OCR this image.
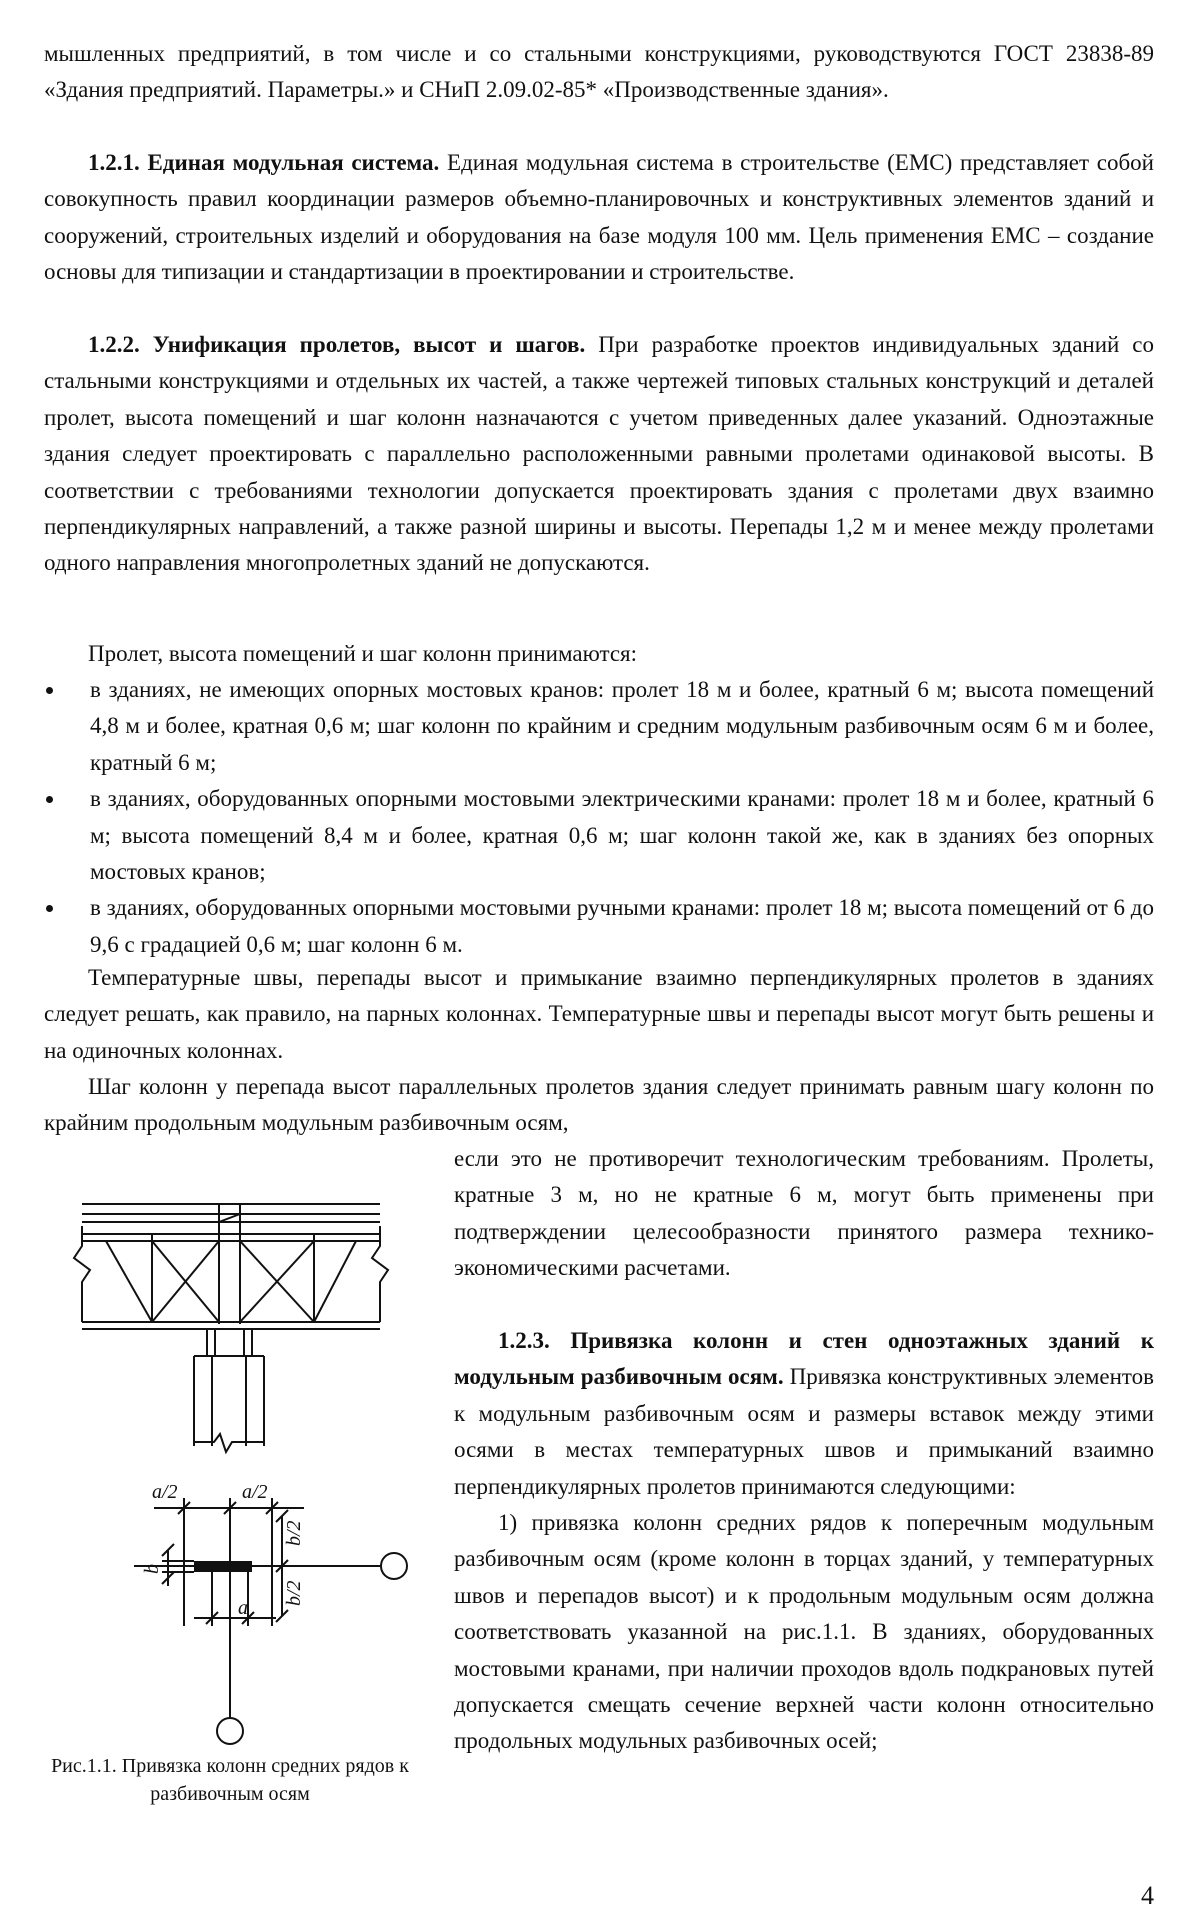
мышленных предприятий, в том числе и со стальными конструкциями, руководствуются ГОСТ 23838-89 «Здания предприятий. Параметры.» и СНиП 2.09.02-85* «Производственные здания».

1.2.1. Единая модульная система. Единая модульная система в строительстве (ЕМС) представляет собой совокупность правил координации размеров объемно-планировочных и конструктивных элементов зданий и сооружений, строительных изделий и оборудования на базе модуля 100 мм. Цель применения ЕМС – создание основы для типизации и стандартизации в проектировании и строительстве.

1.2.2. Унификация пролетов, высот и шагов. При разработке проектов индивидуальных зданий со стальными конструкциями и отдельных их частей, а также чертежей типовых стальных конструкций и деталей пролет, высота помещений и шаг колонн назначаются с учетом приведенных далее указаний. Одноэтажные здания следует проектировать с параллельно расположенными равными пролетами одинаковой высоты. В соответствии с требованиями технологии допускается проектировать здания с пролетами двух взаимно перпендикулярных направлений, а также разной ширины и высоты. Перепады 1,2 м и менее между пролетами одного направления многопролетных зданий не допускаются.

Пролет, высота помещений и шаг колонн принимаются:

в зданиях, не имеющих опорных мостовых кранов: пролет 18 м и более, кратный 6 м; высота помещений 4,8 м и более, кратная 0,6 м; шаг колонн по крайним и средним модульным разбивочным осям 6 м и более, кратный 6 м;
в зданиях, оборудованных опорными мостовыми электрическими кранами: пролет 18 м и более, кратный 6 м; высота помещений 8,4 м и более, кратная 0,6 м; шаг колонн такой же, как в зданиях без опорных мостовых кранов;
в зданиях, оборудованных опорными мостовыми ручными кранами: пролет 18 м; высота помещений от 6 до 9,6 с градацией 0,6 м; шаг колонн 6 м.

Температурные швы, перепады высот и примыкание взаимно перпендикулярных пролетов в зданиях следует решать, как правило, на парных колоннах. Температурные швы и перепады высот могут быть решены и на одиночных колоннах.

Шаг колонн у перепада высот параллельных пролетов здания следует принимать равным шагу колонн по крайним продольным модульным разбивочным осям,

если это не противоречит технологическим требованиям. Пролеты, кратные 3 м, но не кратные 6 м, могут быть применены при подтверждении целесообразности принятого размера технико-экономическими расчетами.

1.2.3. Привязка колонн и стен одноэтажных зданий к модульным разбивочным осям. Привязка конструктивных элементов к модульным разбивочным осям и размеры вставок между этими осями в местах температурных швов и примыканий взаимно перпендикулярных пролетов принимаются следующими:

1) привязка колонн средних рядов к поперечным модульным разбивочным осям (кроме колонн в торцах зданий, у температурных швов и перепадов высот) и к продольным модульным осям должна соответствовать указанной на рис.1.1. В зданиях, оборудованных мостовыми кранами, при наличии проходов вдоль подкрановых путей допускается смещать сечение верхней части колонн относительно продольных модульных разбивочных осей;

a/2	a/2
b/2
b/2
b
a
Рис.1.1. Привязка колонн средних рядов к разбивочным осям
4
